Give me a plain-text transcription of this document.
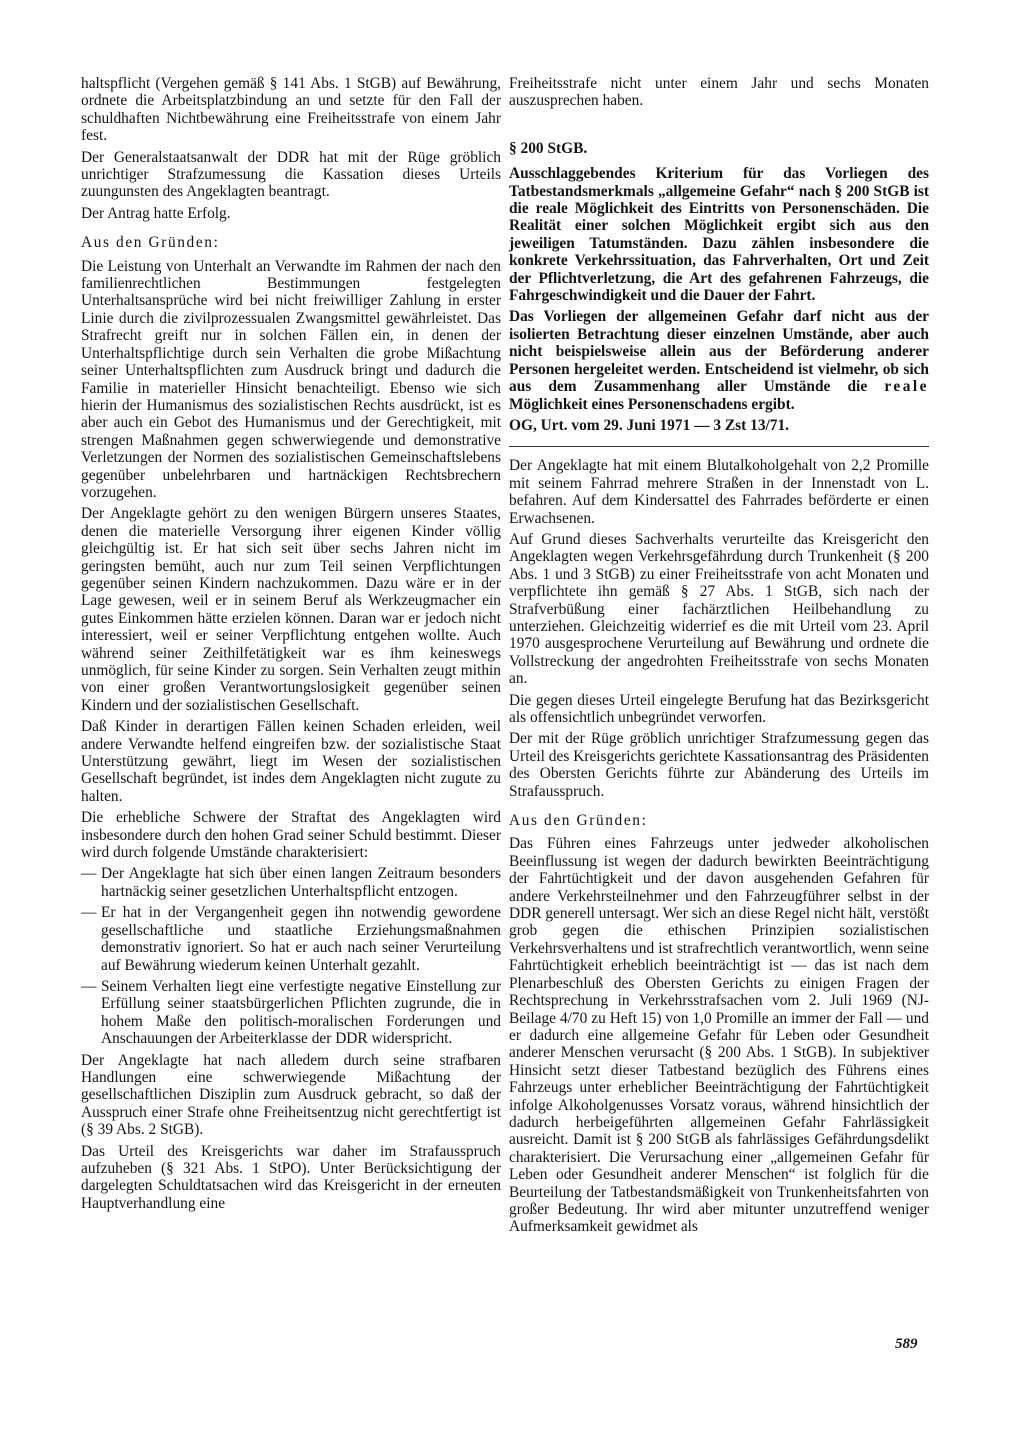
haltspflicht (Vergehen gemäß § 141 Abs. 1 StGB) auf Bewährung, ordnete die Arbeitsplatzbindung an und setzte für den Fall der schuldhaften Nichtbewährung eine Freiheitsstrafe von einem Jahr fest.

Der Generalstaatsanwalt der DDR hat mit der Rüge gröblich unrichtiger Strafzumessung die Kassation dieses Urteils zuungunsten des Angeklagten beantragt.

Der Antrag hatte Erfolg.

Aus den Gründen:

Die Leistung von Unterhalt an Verwandte im Rahmen der nach den familienrechtlichen Bestimmungen festgelegten Unterhaltsansprüche wird bei nicht freiwilliger Zahlung in erster Linie durch die zivilprozessualen Zwangsmittel gewährleistet. Das Strafrecht greift nur in solchen Fällen ein, in denen der Unterhaltspflichtige durch sein Verhalten die grobe Mißachtung seiner Unterhaltspflichten zum Ausdruck bringt und dadurch die Familie in materieller Hinsicht benachteiligt. Ebenso wie sich hierin der Humanismus des sozialistischen Rechts ausdrückt, ist es aber auch ein Gebot des Humanismus und der Gerechtigkeit, mit strengen Maßnahmen gegen schwerwiegende und demonstrative Verletzungen der Normen des sozialistischen Gemeinschaftslebens gegenüber unbelehrbaren und hartnäckigen Rechtsbrechern vorzugehen.

Der Angeklagte gehört zu den wenigen Bürgern unseres Staates, denen die materielle Versorgung ihrer eigenen Kinder völlig gleichgültig ist. Er hat sich seit über sechs Jahren nicht im geringsten bemüht, auch nur zum Teil seinen Verpflichtungen gegenüber seinen Kindern nachzukommen. Dazu wäre er in der Lage gewesen, weil er in seinem Beruf als Werkzeugmacher ein gutes Einkommen hätte erzielen können. Daran war er jedoch nicht interessiert, weil er seiner Verpflichtung entgehen wollte. Auch während seiner Zeithilfetätigkeit war es ihm keineswegs unmöglich, für seine Kinder zu sorgen. Sein Verhalten zeugt mithin von einer großen Verantwortungslosigkeit gegenüber seinen Kindern und der sozialistischen Gesellschaft.

Daß Kinder in derartigen Fällen keinen Schaden erleiden, weil andere Verwandte helfend eingreifen bzw. der sozialistische Staat Unterstützung gewährt, liegt im Wesen der sozialistischen Gesellschaft begründet, ist indes dem Angeklagten nicht zugute zu halten.

Die erhebliche Schwere der Straftat des Angeklagten wird insbesondere durch den hohen Grad seiner Schuld bestimmt. Dieser wird durch folgende Umstände charakterisiert:

— Der Angeklagte hat sich über einen langen Zeitraum besonders hartnäckig seiner gesetzlichen Unterhaltspflicht entzogen.
— Er hat in der Vergangenheit gegen ihn notwendig gewordene gesellschaftliche und staatliche Erziehungsmaßnahmen demonstrativ ignoriert. So hat er auch nach seiner Verurteilung auf Bewährung wiederum keinen Unterhalt gezahlt.
— Seinem Verhalten liegt eine verfestigte negative Einstellung zur Erfüllung seiner staatsbürgerlichen Pflichten zugrunde, die in hohem Maße den politisch-moralischen Forderungen und Anschauungen der Arbeiterklasse der DDR widerspricht.

Der Angeklagte hat nach alledem durch seine strafbaren Handlungen eine schwerwiegende Mißachtung der gesellschaftlichen Disziplin zum Ausdruck gebracht, so daß der Ausspruch einer Strafe ohne Freiheitsentzug nicht gerechtfertigt ist (§ 39 Abs. 2 StGB).

Das Urteil des Kreisgerichts war daher im Strafausspruch aufzuheben (§ 321 Abs. 1 StPO). Unter Berücksichtigung der dargelegten Schuldtatsachen wird das Kreisgericht in der erneuten Hauptverhandlung eine

Freiheitsstrafe nicht unter einem Jahr und sechs Monaten auszusprechen haben.

§ 200 StGB.

Ausschlaggebendes Kriterium für das Vorliegen des Tatbestandsmerkmals „allgemeine Gefahr“ nach § 200 StGB ist die reale Möglichkeit des Eintritts von Personenschäden. Die Realität einer solchen Möglichkeit ergibt sich aus den jeweiligen Tatumständen. Dazu zählen insbesondere die konkrete Verkehrssituation, das Fahrverhalten, Ort und Zeit der Pflichtverletzung, die Art des gefahrenen Fahrzeugs, die Fahrgeschwindigkeit und die Dauer der Fahrt.

Das Vorliegen der allgemeinen Gefahr darf nicht aus der isolierten Betrachtung dieser einzelnen Umstände, aber auch nicht beispielsweise allein aus der Beförderung anderer Personen hergeleitet werden. Entscheidend ist vielmehr, ob sich aus dem Zusammenhang aller Umstände die reale Möglichkeit eines Personenschadens ergibt.

OG, Urt. vom 29. Juni 1971 — 3 Zst 13/71.

Der Angeklagte hat mit einem Blutalkoholgehalt von 2,2 Promille mit seinem Fahrrad mehrere Straßen in der Innenstadt von L. befahren. Auf dem Kindersattel des Fahrrades beförderte er einen Erwachsenen.

Auf Grund dieses Sachverhalts verurteilte das Kreisgericht den Angeklagten wegen Verkehrsgefährdung durch Trunkenheit (§ 200 Abs. 1 und 3 StGB) zu einer Freiheitsstrafe von acht Monaten und verpflichtete ihn gemäß § 27 Abs. 1 StGB, sich nach der Strafverbüßung einer fachärztlichen Heilbehandlung zu unterziehen. Gleichzeitig widerrief es die mit Urteil vom 23. April 1970 ausgesprochene Verurteilung auf Bewährung und ordnete die Vollstreckung der angedrohten Freiheitsstrafe von sechs Monaten an.

Die gegen dieses Urteil eingelegte Berufung hat das Bezirksgericht als offensichtlich unbegründet verworfen.

Der mit der Rüge gröblich unrichtiger Strafzumessung gegen das Urteil des Kreisgerichts gerichtete Kassationsantrag des Präsidenten des Obersten Gerichts führte zur Abänderung des Urteils im Strafausspruch.

Aus den Gründen:

Das Führen eines Fahrzeugs unter jedweder alkoholischen Beeinflussung ist wegen der dadurch bewirkten Beeinträchtigung der Fahrtüchtigkeit und der davon ausgehenden Gefahren für andere Verkehrsteilnehmer und den Fahrzeugführer selbst in der DDR generell untersagt. Wer sich an diese Regel nicht hält, verstößt grob gegen die ethischen Prinzipien sozialistischen Verkehrsverhaltens und ist strafrechtlich verantwortlich, wenn seine Fahrtüchtigkeit erheblich beeinträchtigt ist — das ist nach dem Plenarbeschluß des Obersten Gerichts zu einigen Fragen der Rechtsprechung in Verkehrsstrafsachen vom 2. Juli 1969 (NJ-Beilage 4/70 zu Heft 15) von 1,0 Promille an immer der Fall — und er dadurch eine allgemeine Gefahr für Leben oder Gesundheit anderer Menschen verursacht (§ 200 Abs. 1 StGB). In subjektiver Hinsicht setzt dieser Tatbestand bezüglich des Führens eines Fahrzeugs unter erheblicher Beeinträchtigung der Fahrtüchtigkeit infolge Alkoholgenusses Vorsatz voraus, während hinsichtlich der dadurch herbeigeführten allgemeinen Gefahr Fahrlässigkeit ausreicht. Damit ist § 200 StGB als fahrlässiges Gefährdungsdelikt charakterisiert. Die Verursachung einer „allgemeinen Gefahr für Leben oder Gesundheit anderer Menschen“ ist folglich für die Beurteilung der Tatbestandsmäßigkeit von Trunkenheitsfahrten von großer Bedeutung. Ihr wird aber mitunter unzutreffend weniger Aufmerksamkeit gewidmet als

589
